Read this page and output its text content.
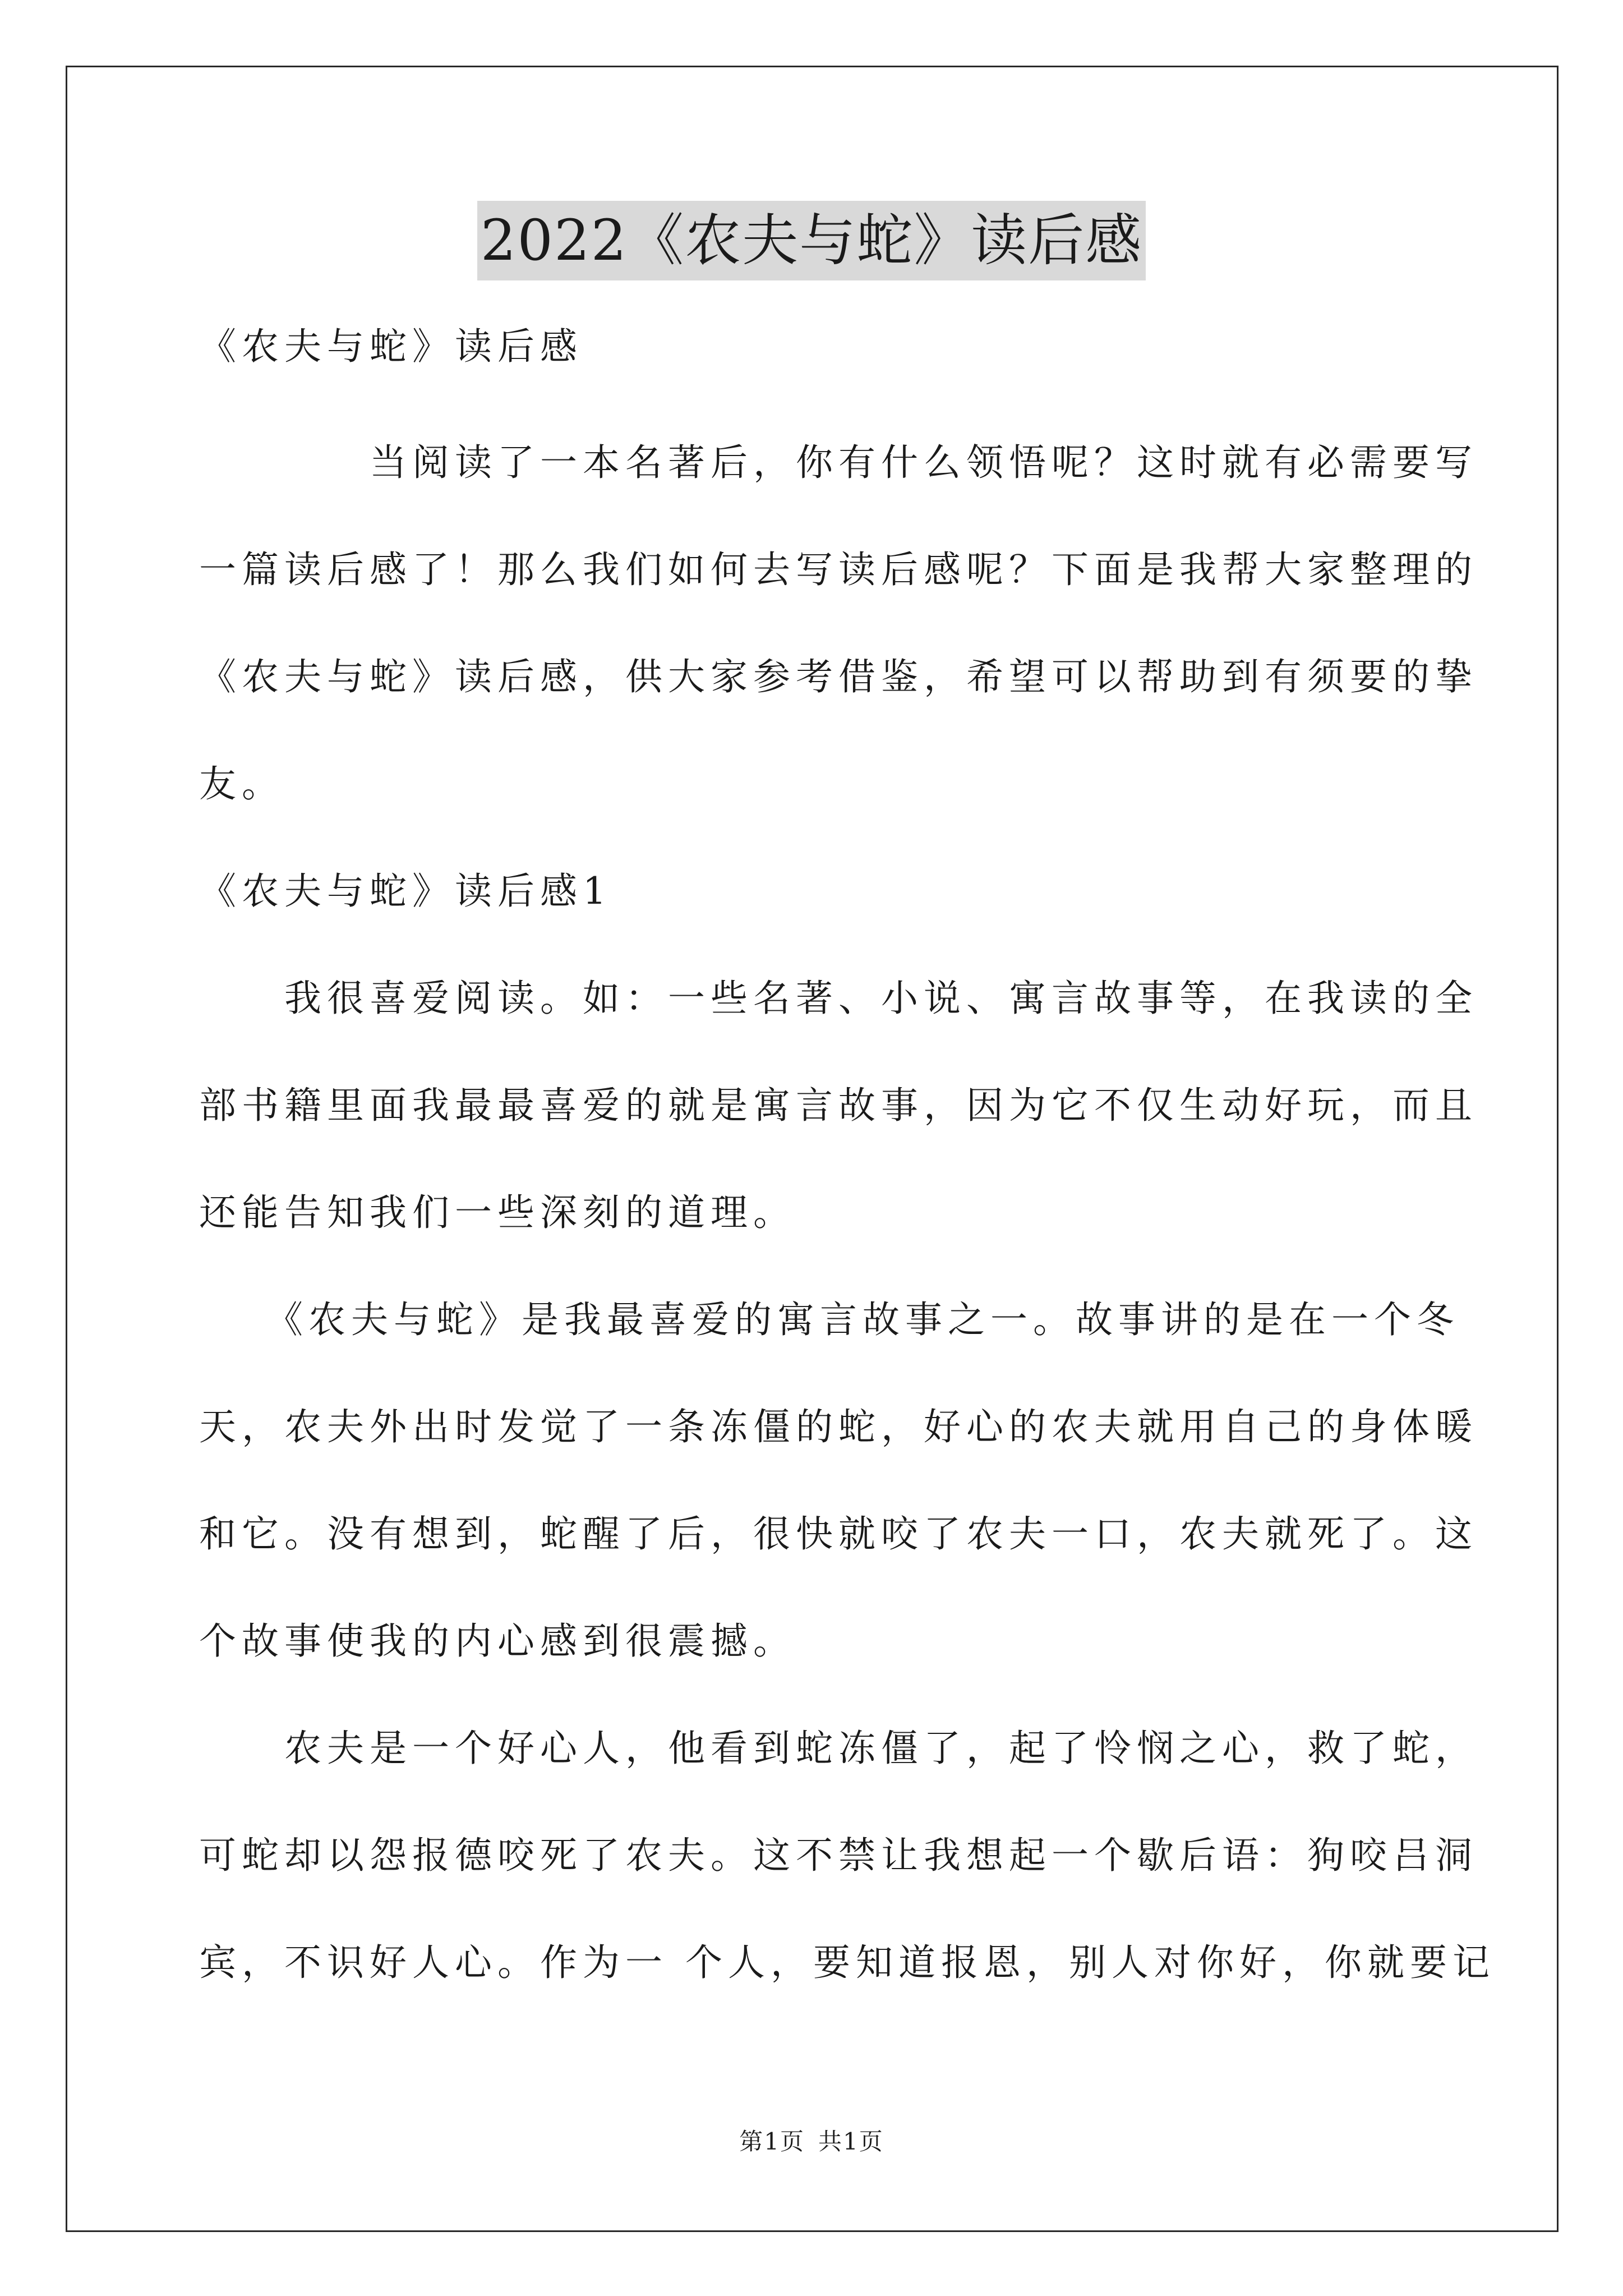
2022《农夫与蛇》读后感
《农夫与蛇》读后感
　　　　当阅读了一本名著后，你有什么领悟呢？这时就有必需要写
一篇读后感了！那么我们如何去写读后感呢？下面是我帮大家整理的
《农夫与蛇》读后感，供大家参考借鉴，希望可以帮助到有须要的挚
友。
《农夫与蛇》读后感1
　　我很喜爱阅读。如：一些名著、小说、寓言故事等，在我读的全
部书籍里面我最最喜爱的就是寓言故事，因为它不仅生动好玩，而且
还能告知我们一些深刻的道理。
　　《农夫与蛇》是我最喜爱的寓言故事之一。故事讲的是在一个冬
天，农夫外出时发觉了一条冻僵的蛇，好心的农夫就用自己的身体暖
和它。没有想到，蛇醒了后，很快就咬了农夫一口，农夫就死了。这
个故事使我的内心感到很震撼。
　　农夫是一个好心人，他看到蛇冻僵了，起了怜悯之心，救了蛇，
可蛇却以怨报德咬死了农夫。这不禁让我想起一个歇后语：狗咬吕洞
宾，不识好人心。作为一 个人，要知道报恩，别人对你好，你就要记
第1页 共1页
